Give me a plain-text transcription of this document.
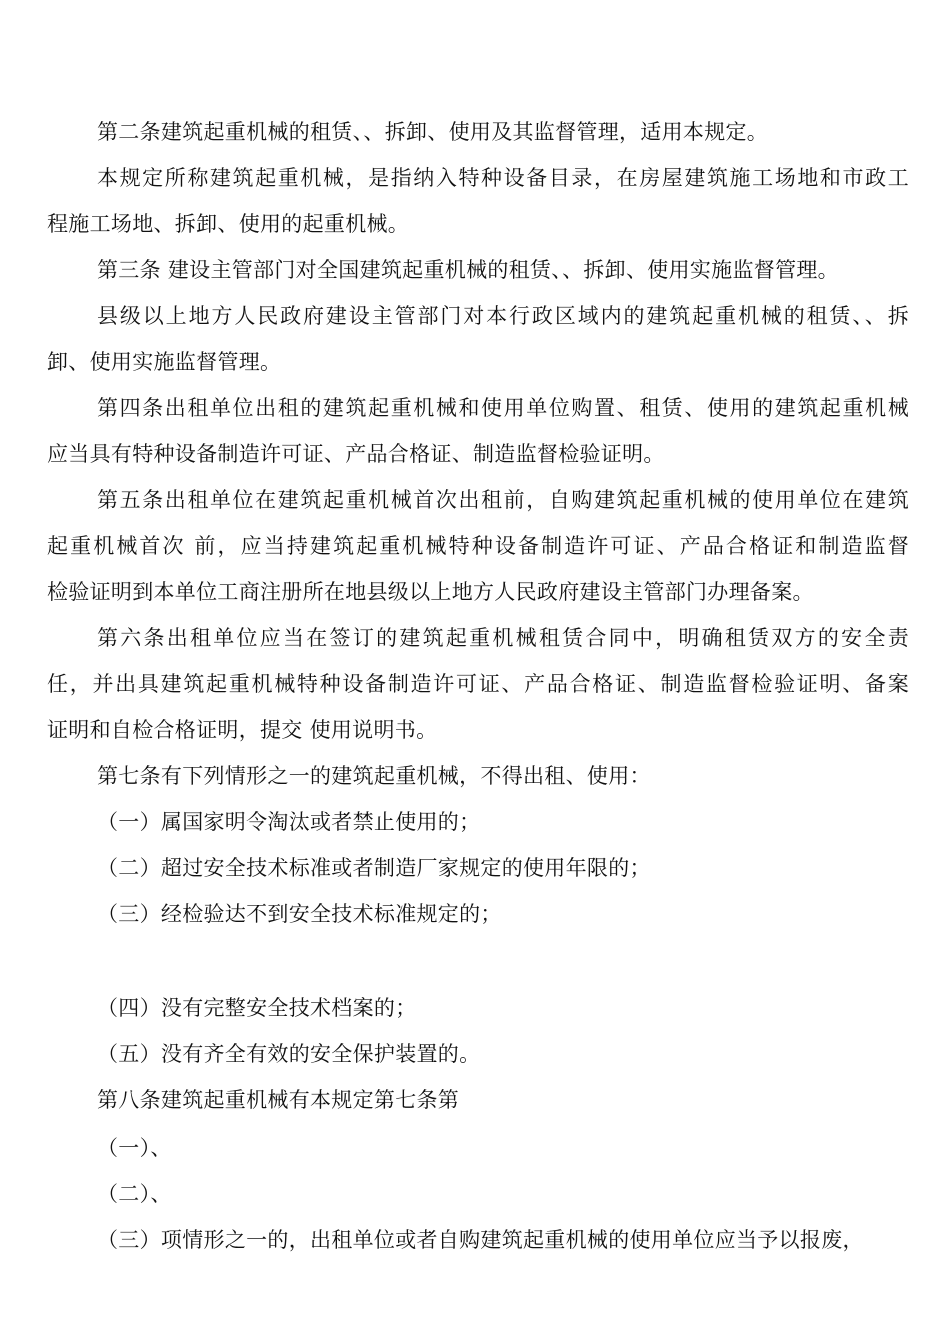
第二条建筑起重机械的租赁、、拆卸、使用及其监督管理，适用本规定。
本规定所称建筑起重机械，是指纳入特种设备目录，在房屋建筑施工场地和市政工
程施工场地、拆卸、使用的起重机械。
第三条 建设主管部门对全国建筑起重机械的租赁、、拆卸、使用实施监督管理。
县级以上地方人民政府建设主管部门对本行政区域内的建筑起重机械的租赁、、拆
卸、使用实施监督管理。
第四条出租单位出租的建筑起重机械和使用单位购置、租赁、使用的建筑起重机械
应当具有特种设备制造许可证、产品合格证、制造监督检验证明。
第五条出租单位在建筑起重机械首次出租前，自购建筑起重机械的使用单位在建筑
起重机械首次 前，应当持建筑起重机械特种设备制造许可证、产品合格证和制造监督
检验证明到本单位工商注册所在地县级以上地方人民政府建设主管部门办理备案。
第六条出租单位应当在签订的建筑起重机械租赁合同中，明确租赁双方的安全责
任，并出具建筑起重机械特种设备制造许可证、产品合格证、制造监督检验证明、备案
证明和自检合格证明，提交 使用说明书。
第七条有下列情形之一的建筑起重机械，不得出租、使用：
（一）属国家明令淘汰或者禁止使用的；
（二）超过安全技术标准或者制造厂家规定的使用年限的；
（三）经检验达不到安全技术标准规定的；
（四）没有完整安全技术档案的；
（五）没有齐全有效的安全保护装置的。
第八条建筑起重机械有本规定第七条第
（一）、
（二）、
（三）项情形之一的，出租单位或者自购建筑起重机械的使用单位应当予以报废，
